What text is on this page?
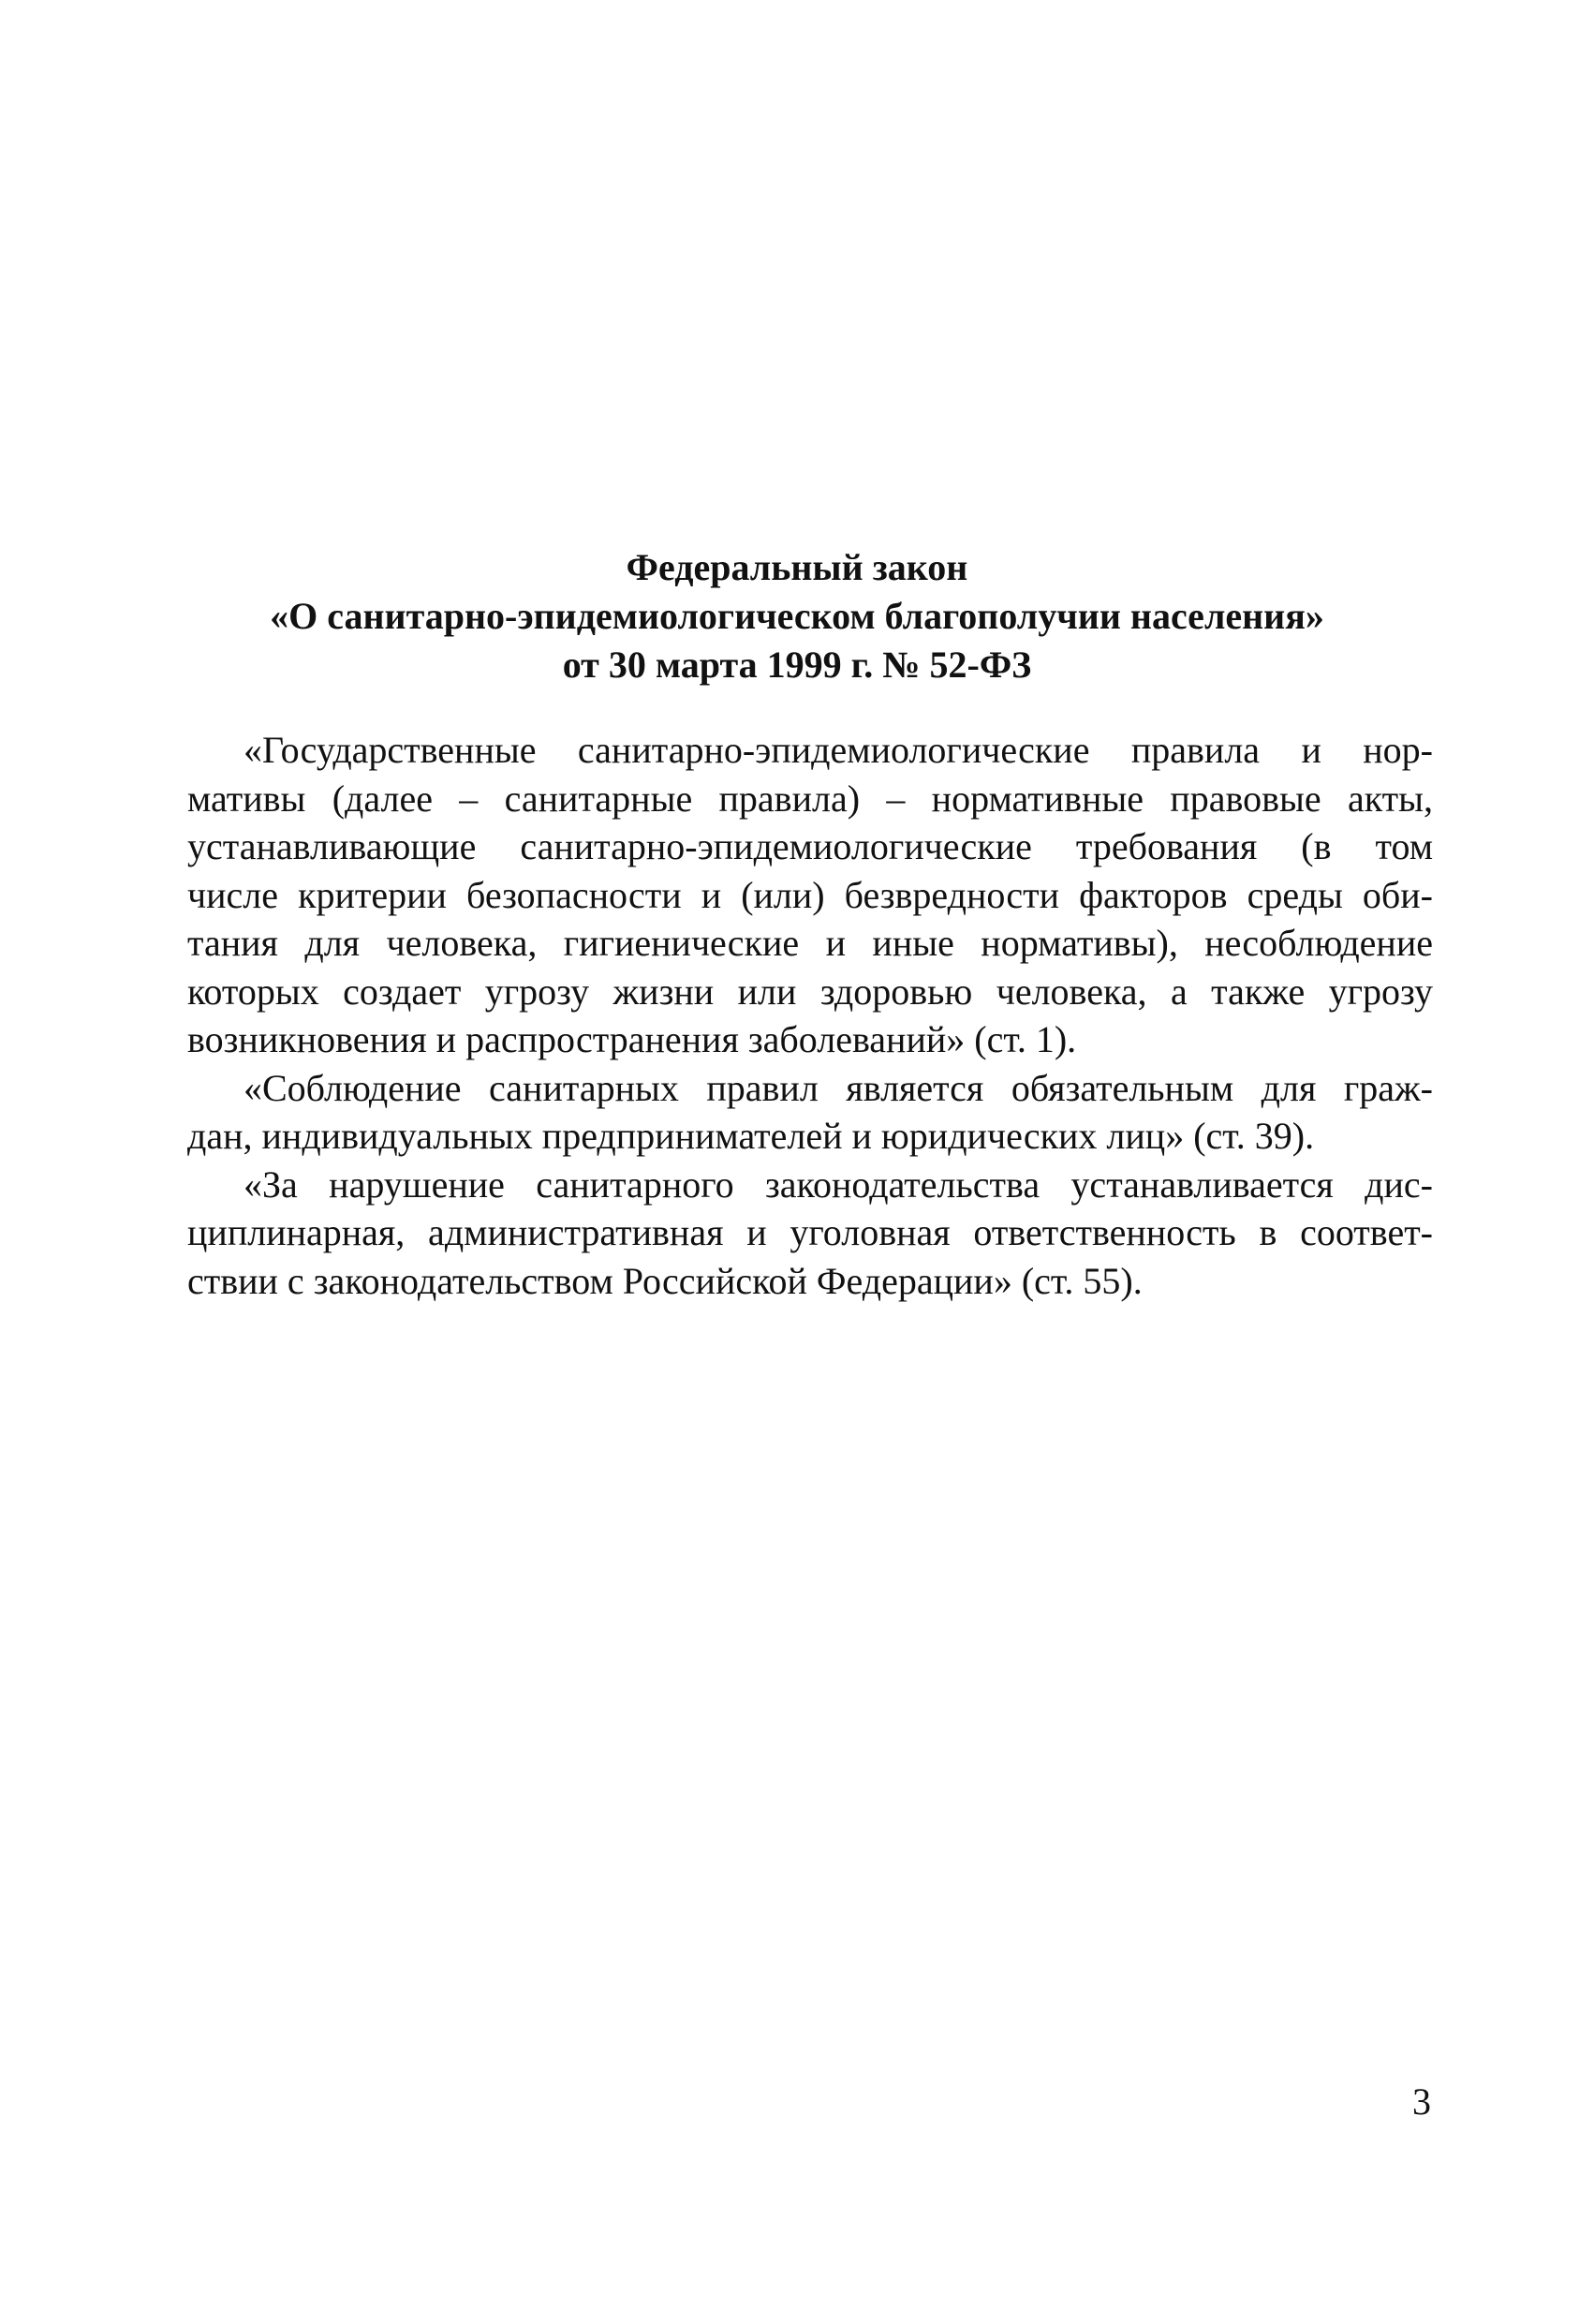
Федеральный закон
«О санитарно-эпидемиологическом благополучии населения»
от 30 марта 1999 г. № 52-ФЗ
«Государственные санитарно-эпидемиологические правила и нор-
мативы (далее – санитарные правила) – нормативные правовые акты,
устанавливающие санитарно-эпидемиологические требования (в том
числе критерии безопасности и (или) безвредности факторов среды оби-
тания для человека, гигиенические и иные нормативы), несоблюдение
которых создает угрозу жизни или здоровью человека, а также угрозу
возникновения и распространения заболеваний» (ст. 1).
«Соблюдение санитарных правил является обязательным для граж-
дан, индивидуальных предпринимателей и юридических лиц» (ст. 39).
«За нарушение санитарного законодательства устанавливается дис-
циплинарная, административная и уголовная ответственность в соответ-
ствии с законодательством Российской Федерации» (ст. 55).
3
